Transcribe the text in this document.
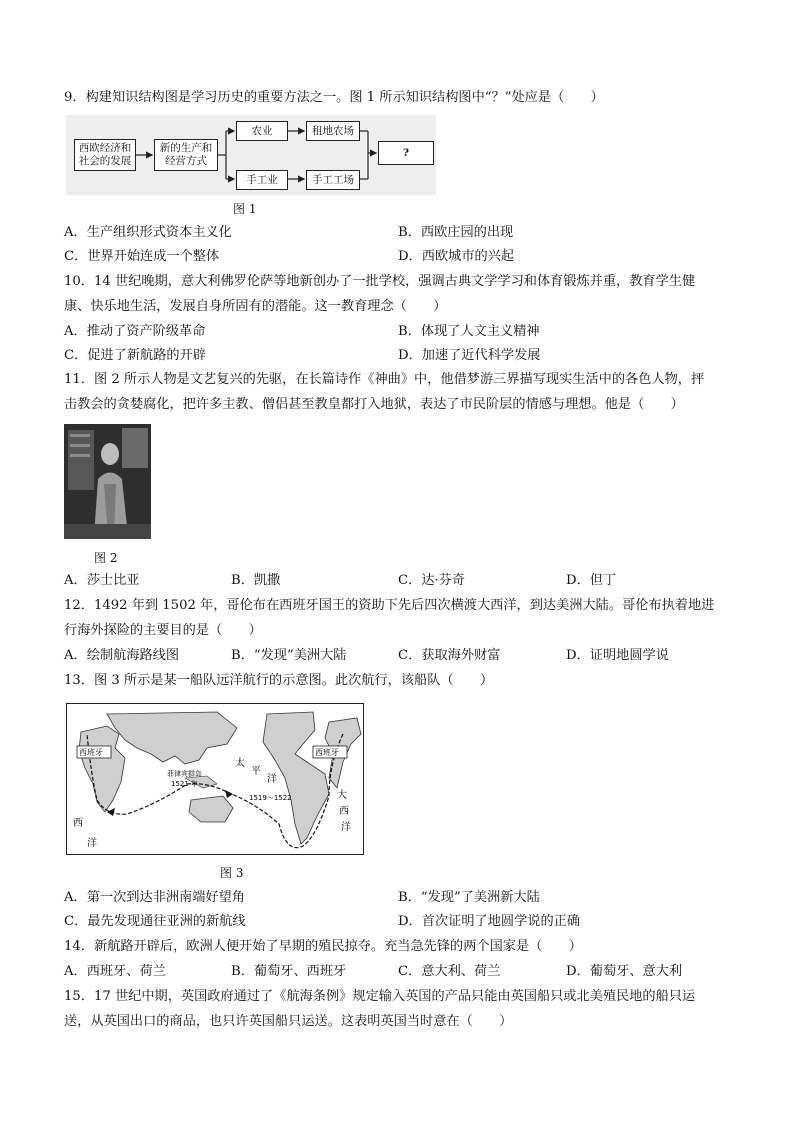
9．构建知识结构图是学习历史的重要方法之一。图 1 所示知识结构图中“？”处应是（　　）
西欧经济和社会的发展
新的生产和经营方式
农业	租地农场
手工业	手工工场
?
图 1
A．生产组织形式资本主义化	B．西欧庄园的出现
C．世界开始连成一个整体	D．西欧城市的兴起
10．14 世纪晚期，意大利佛罗伦萨等地新创办了一批学校，强调古典文学学习和体育锻炼并重，教育学生健
康、快乐地生活，发展自身所固有的潜能。这一教育理念（　　）
A．推动了资产阶级革命	B．体现了人文主义精神
C．促进了新航路的开辟	D．加速了近代科学发展
11．图 2 所示人物是文艺复兴的先驱，在长篇诗作《神曲》中，他借梦游三界描写现实生活中的各色人物，抨
击教会的贪婪腐化，把许多主教、僧侣甚至教皇都打入地狱，表达了市民阶层的情感与理想。他是（　　）
图 2
A．莎士比亚	B．凯撒	C．达·芬奇	D．但丁
12．1492 年到 1502 年，哥伦布在西班牙国王的资助下先后四次横渡大西洋，到达美洲大陆。哥伦布执着地进
行海外探险的主要目的是（　　）
A．绘制航海路线图	B．“发现”美洲大陆	C．获取海外财富	D．证明地圆学说
13．图 3 所示是某一船队远洋航行的示意图。此次航行，该船队（　　）
西班牙	西班牙
菲律宾群岛
1521 年
1519～1522
太
平
洋
大
西
洋
西
洋
图 3
A．第一次到达非洲南端好望角	B．“发现”了美洲新大陆
C．最先发现通往亚洲的新航线	D．首次证明了地圆学说的正确
14．新航路开辟后，欧洲人便开始了早期的殖民掠夺。充当急先锋的两个国家是（　　）
A．西班牙、荷兰	B．葡萄牙、西班牙	C．意大利、荷兰	D．葡萄牙、意大利
15．17 世纪中期，英国政府通过了《航海条例》规定输入英国的产品只能由英国船只或北美殖民地的船只运
送，从英国出口的商品，也只许英国船只运送。这表明英国当时意在（　　）
